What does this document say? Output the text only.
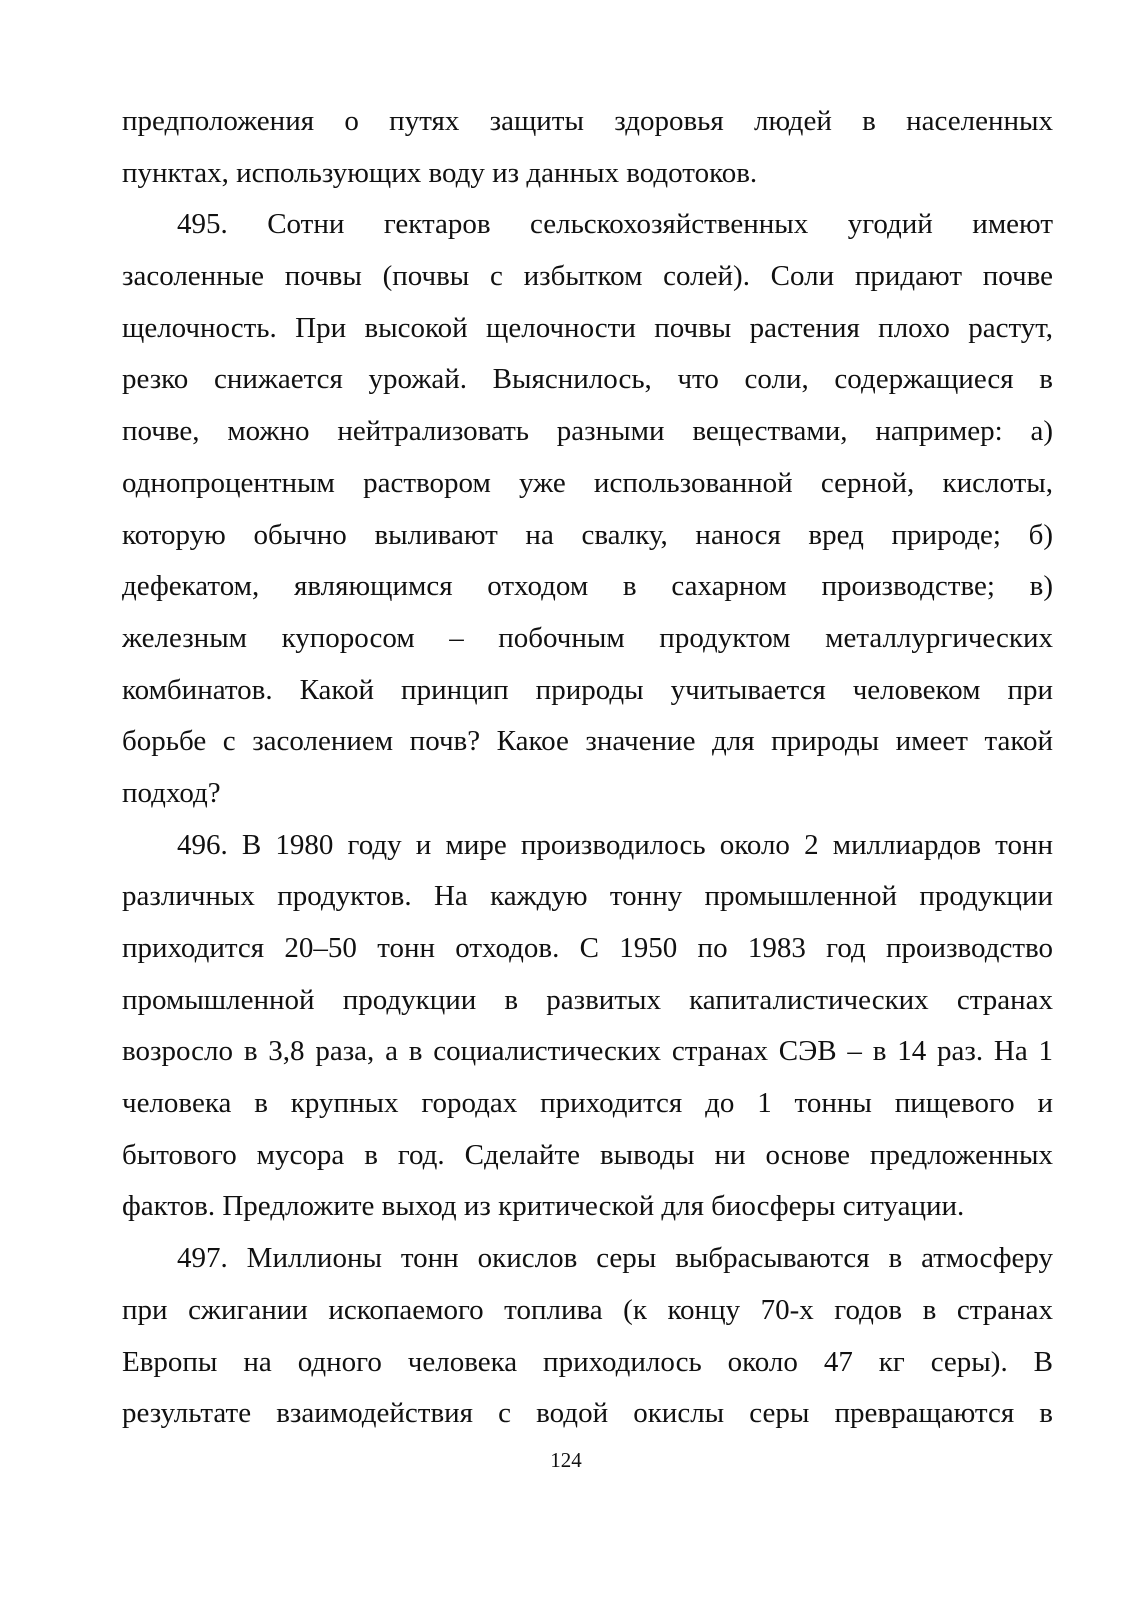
предположения о путях защиты здоровья людей в населенных
пунктах, использующих воду из данных водотоков.
495. Сотни гектаров сельскохозяйственных угодий имеют
засоленные почвы (почвы с избытком солей). Соли придают почве
щелочность. При высокой щелочности почвы растения плохо растут,
резко снижается урожай. Выяснилось, что соли, содержащиеся в
почве, можно нейтрализовать разными веществами, например: а)
однопроцентным раствором уже использованной серной, кислоты,
которую обычно выливают на свалку, нанося вред природе; б)
дефекатом, являющимся отходом в сахарном производстве; в)
железным купоросом – побочным продуктом металлургических
комбинатов. Какой принцип природы учитывается человеком при
борьбе с засолением почв? Какое значение для природы имеет такой
подход?
496. В 1980 году и мире производилось около 2 миллиардов тонн
различных продуктов. На каждую тонну промышленной продукции
приходится 20–50 тонн отходов. С 1950 по 1983 год производство
промышленной продукции в развитых капиталистических странах
возросло в 3,8 раза, а в социалистических странах СЭВ – в 14 раз. На 1
человека в крупных городах приходится до 1 тонны пищевого и
бытового мусора в год. Сделайте выводы ни основе предложенных
фактов. Предложите выход из критической для биосферы ситуации.
497. Миллионы тонн окислов серы выбрасываются в атмосферу
при сжигании ископаемого топлива (к концу 70-х годов в странах
Европы на одного человека приходилось около 47 кг серы). В
результате взаимодействия с водой окислы серы превращаются в
124
